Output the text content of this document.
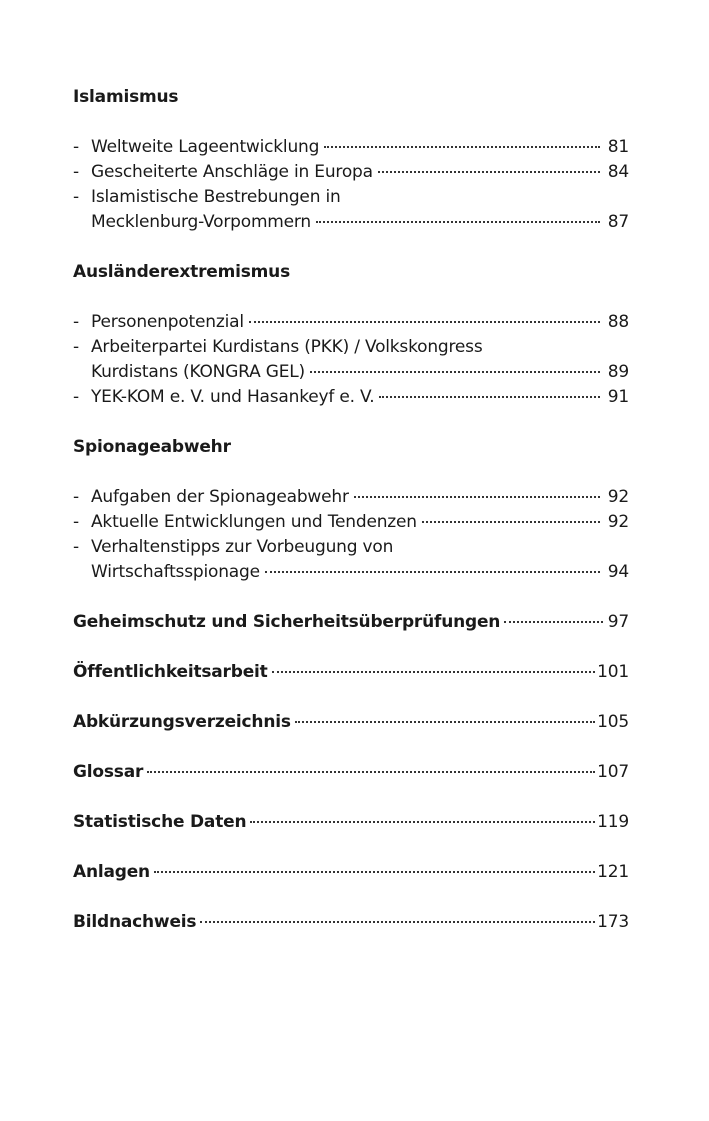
Islamismus
- Weltweite Lageentwicklung	81
- Gescheiterte Anschläge in Europa	84
- Islamistische Bestrebungen in
Mecklenburg-Vorpommern	87
Ausländerextremismus
- Personenpotenzial	88
- Arbeiterpartei Kurdistans (PKK) / Volkskongress
Kurdistans (KONGRA GEL)	89
- YEK-KOM e. V. und Hasankeyf e. V.	91
Spionageabwehr
- Aufgaben der Spionageabwehr	92
- Aktuelle Entwicklungen und Tendenzen	92
- Verhaltenstipps zur Vorbeugung von
Wirtschaftsspionage	94
Geheimschutz und Sicherheitsüberprüfungen	97
Öffentlichkeitsarbeit	101
Abkürzungsverzeichnis	105
Glossar	107
Statistische Daten	119
Anlagen	121
Bildnachweis	173
